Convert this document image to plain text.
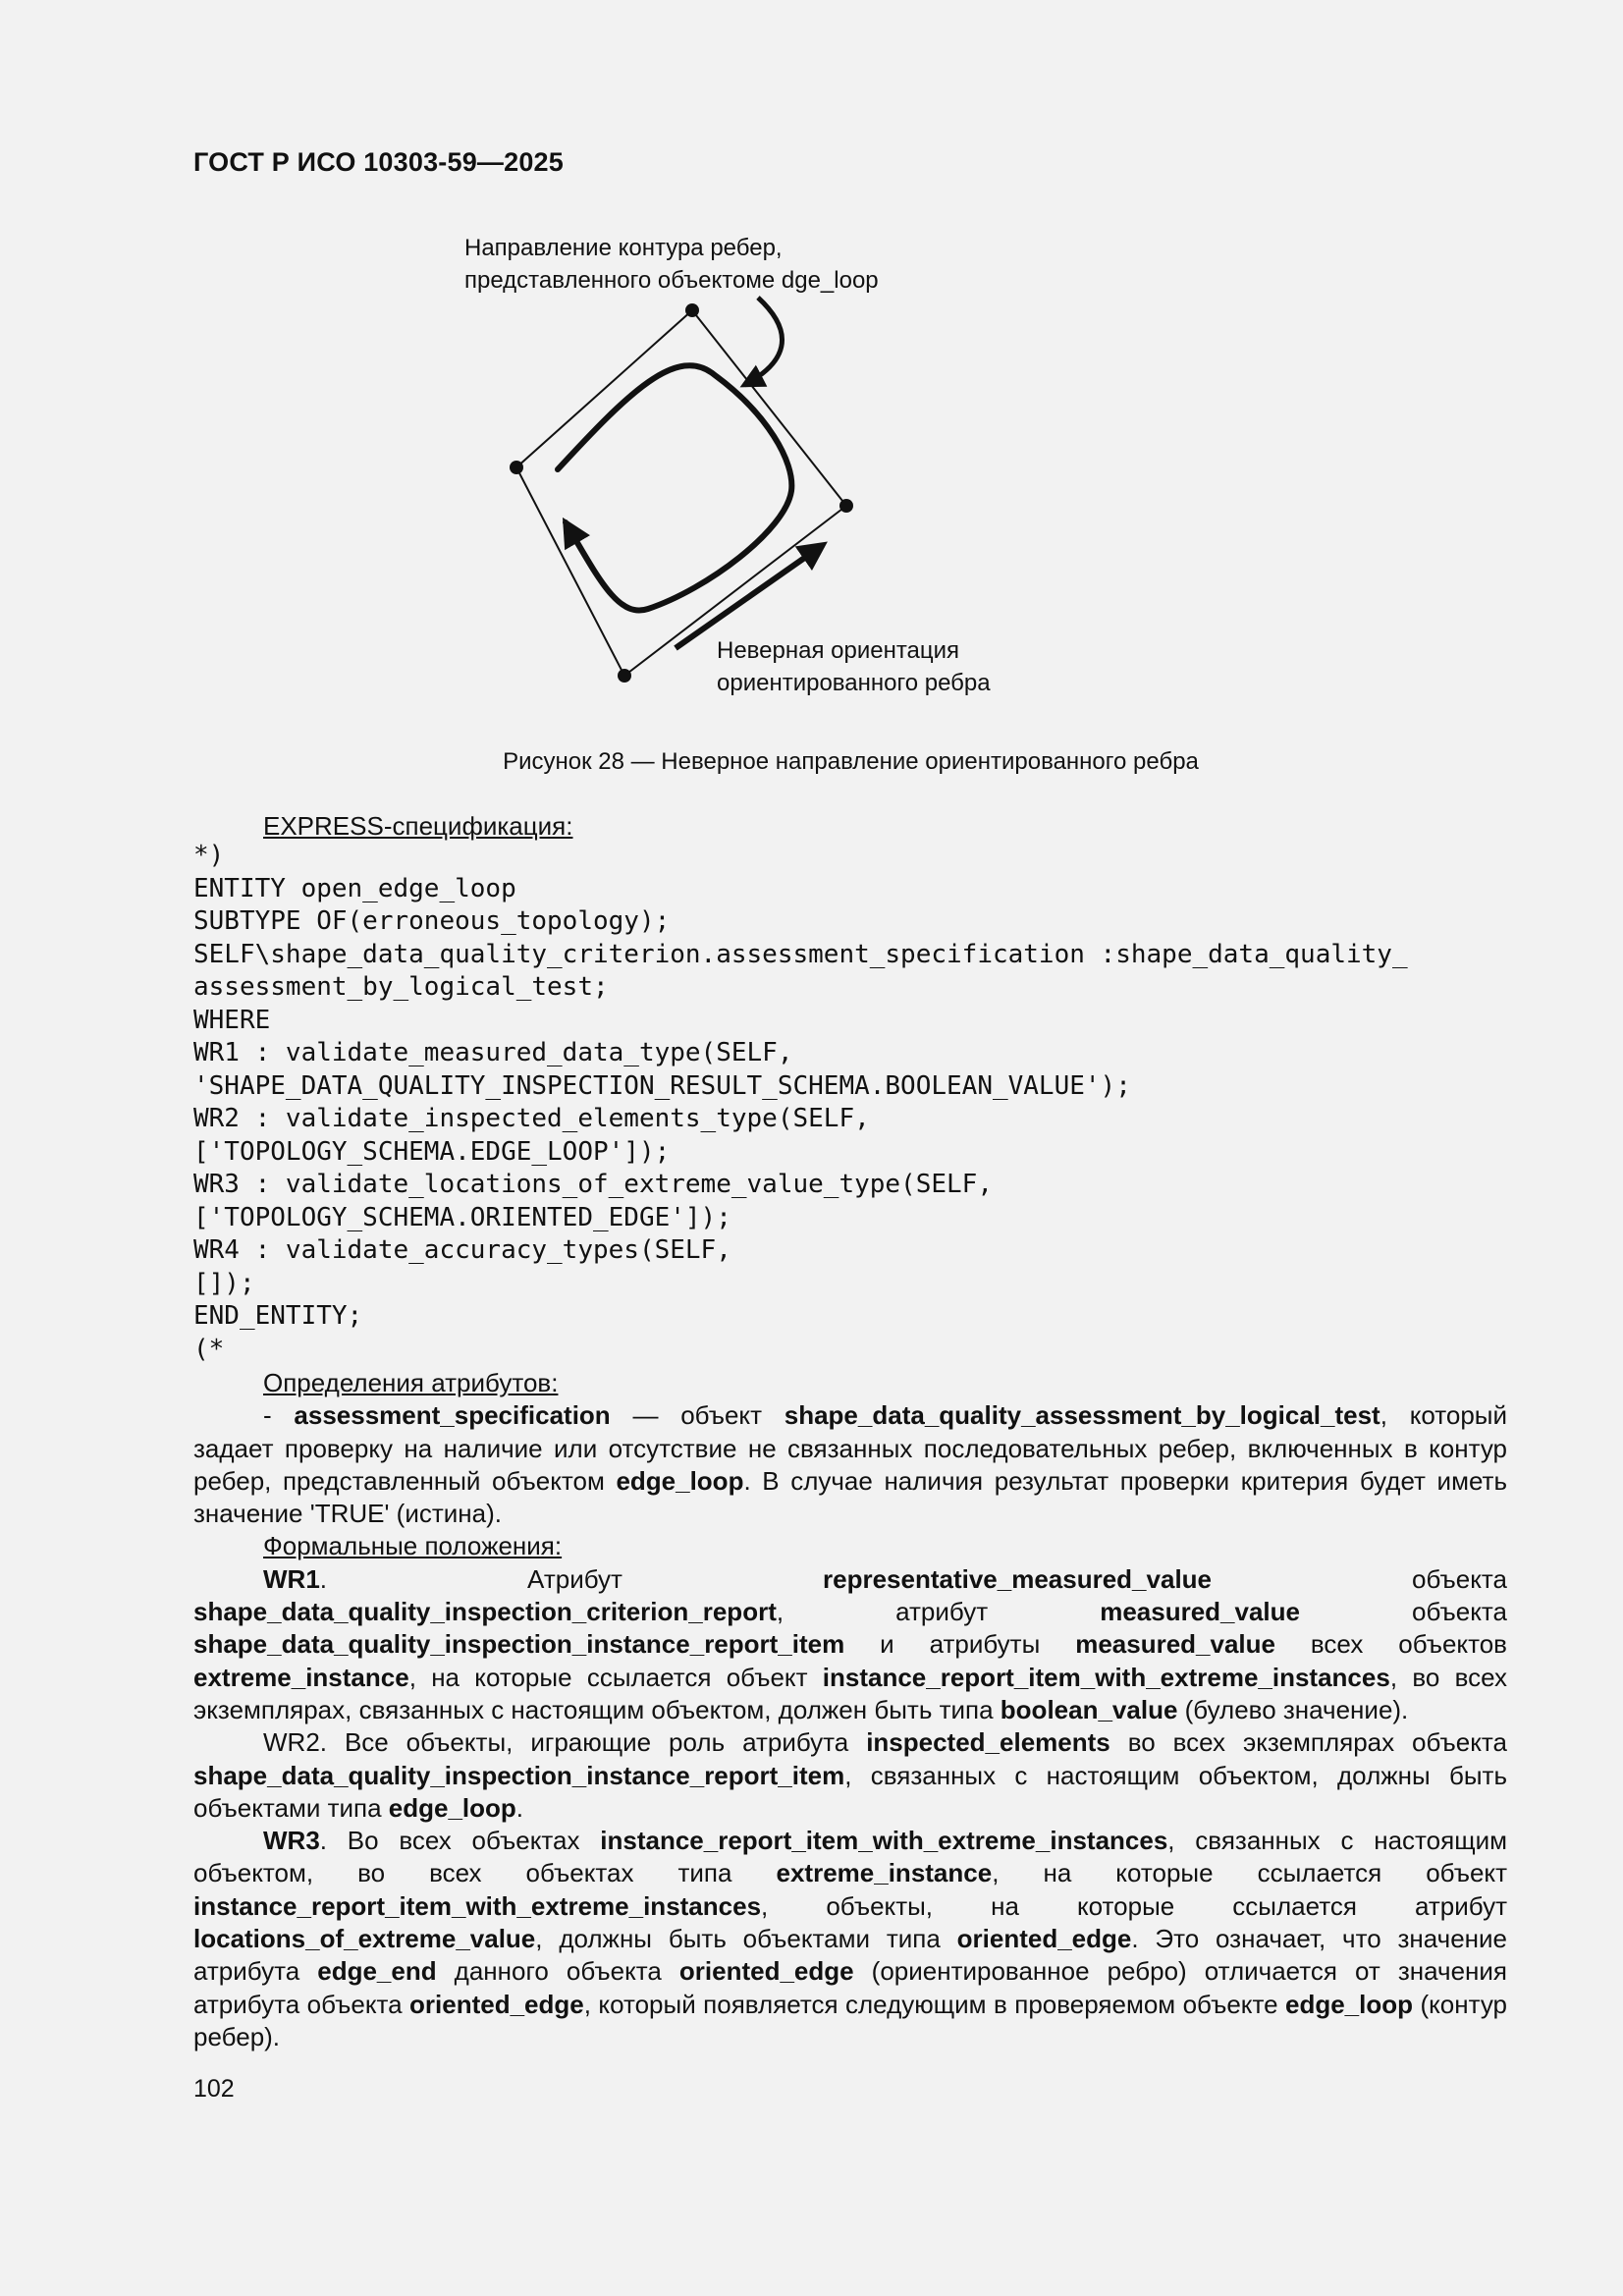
ГОСТ Р ИСО 10303-59—2025
Направление контура ребер,
представленного объектоме dge_loop
Неверная ориентация
ориентированного ребра
Рисунок 28 — Неверное направление ориентированного ребра
EXPRESS-спецификация:
*)
ENTITY open_edge_loop
SUBTYPE OF(erroneous_topology);
SELF\shape_data_quality_criterion.assessment_specification :shape_data_quality_
assessment_by_logical_test;
WHERE
WR1 : validate_measured_data_type(SELF,
'SHAPE_DATA_QUALITY_INSPECTION_RESULT_SCHEMA.BOOLEAN_VALUE');
WR2 : validate_inspected_elements_type(SELF,
['TOPOLOGY_SCHEMA.EDGE_LOOP']);
WR3 : validate_locations_of_extreme_value_type(SELF,
['TOPOLOGY_SCHEMA.ORIENTED_EDGE']);
WR4 : validate_accuracy_types(SELF,
[]);
END_ENTITY;
(*

Определения атрибутов:

- assessment_specification — объект shape_data_quality_assessment_by_logical_test, который задает проверку на наличие или отсутствие не связанных последовательных ребер, включенных в контур ребер, представленный объектом edge_loop. В случае наличия результат проверки критерия будет иметь значение 'TRUE' (истина).

Формальные положения:

WR1. Атрибут representative_measured_value объекта shape_data_quality_inspection_criterion_report, атрибут measured_value объекта shape_data_quality_inspection_instance_report_item и атрибуты measured_value всех объектов extreme_instance, на которые ссылается объект instance_report_item_with_extreme_instances, во всех экземплярах, связанных с настоящим объектом, должен быть типа boolean_value (булево значение).

WR2. Все объекты, играющие роль атрибута inspected_elements во всех экземплярах объекта shape_data_quality_inspection_instance_report_item, связанных с настоящим объектом, должны быть объектами типа edge_loop.

WR3. Во всех объектах instance_report_item_with_extreme_instances, связанных с настоящим объектом, во всех объектах типа extreme_instance, на которые ссылается объект instance_report_item_with_extreme_instances, объекты, на которые ссылается атрибут locations_of_extreme_value, должны быть объектами типа oriented_edge. Это означает, что значение атрибута edge_end данного объекта oriented_edge (ориентированное ребро) отличается от значения атрибута объекта oriented_edge, который появляется следующим в проверяемом объекте edge_loop (контур ребер).

102
